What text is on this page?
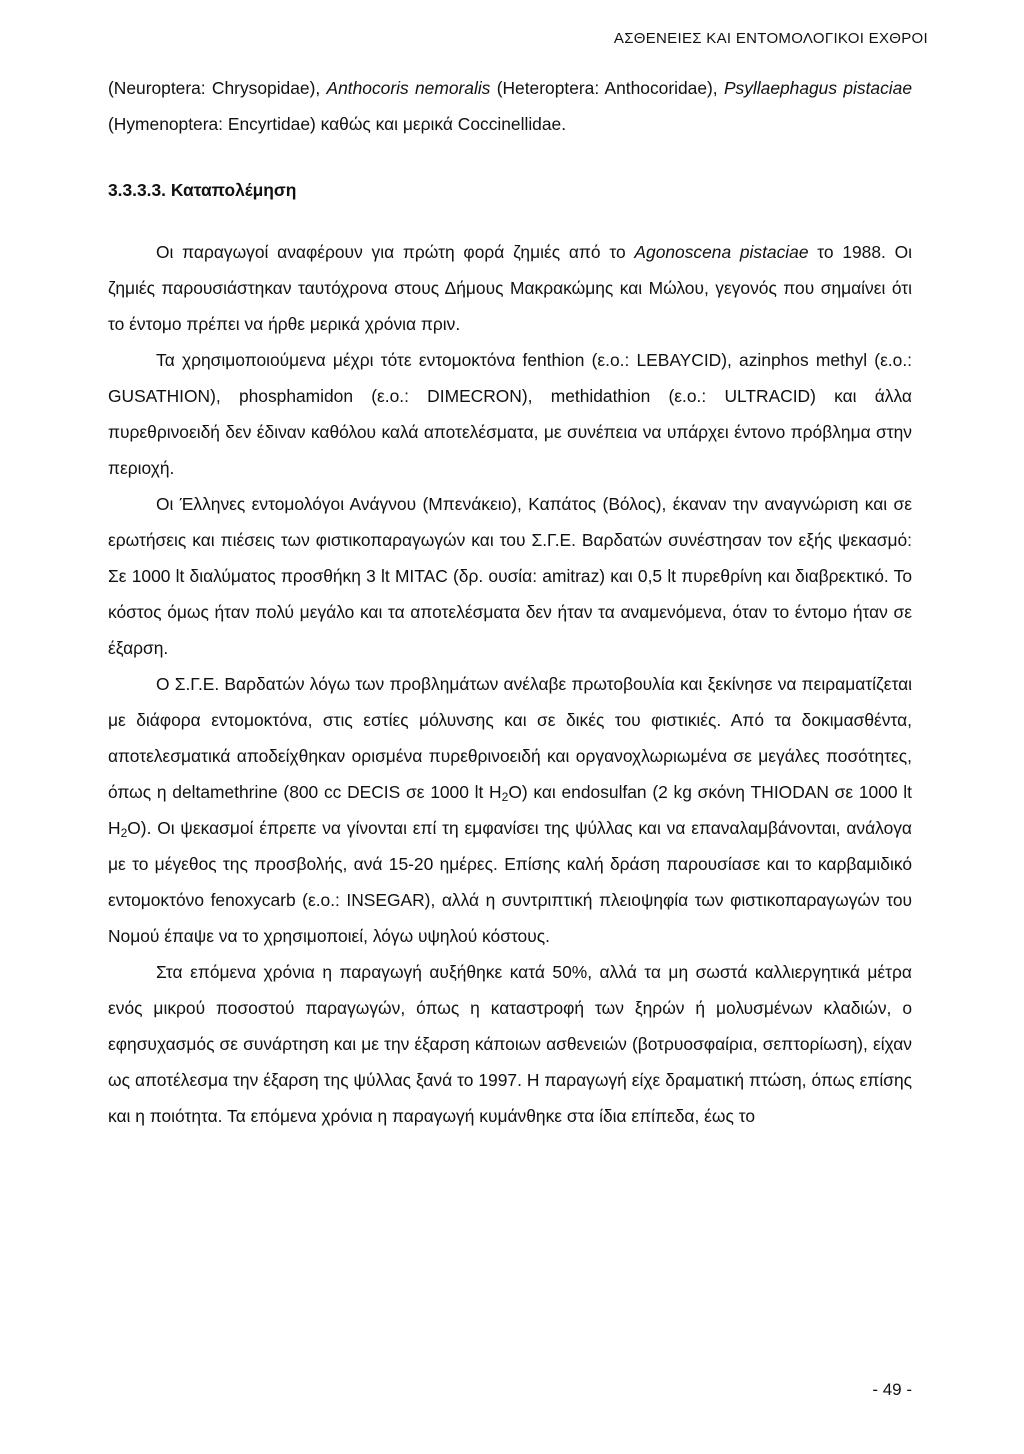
ΑΣΘΕΝΕΙΕΣ ΚΑΙ ΕΝΤΟΜΟΛΟΓΙΚΟΙ ΕΧΘΡΟΙ

(Neuroptera: Chrysopidae), Anthocoris nemoralis (Heteroptera: Anthocoridae), Psyllaephagus pistaciae (Hymenoptera: Encyrtidae) καθώς και μερικά Coccinellidae.

3.3.3.3. Καταπολέμηση

Οι παραγωγοί αναφέρουν για πρώτη φορά ζημιές από το Agonoscena pistaciae το 1988. Οι ζημιές παρουσιάστηκαν ταυτόχρονα στους Δήμους Μακρακώμης και Μώλου, γεγονός που σημαίνει ότι το έντομο πρέπει να ήρθε μερικά χρόνια πριν.

Τα χρησιμοποιούμενα μέχρι τότε εντομοκτόνα fenthion (ε.ο.: LEBAYCID), azinphos methyl (ε.ο.: GUSATHION), phosphamidon (ε.ο.: DIMECRON), methidathion (ε.ο.: ULTRACID) και άλλα πυρεθρινοειδή δεν έδιναν καθόλου καλά αποτελέσματα, με συνέπεια να υπάρχει έντονο πρόβλημα στην περιοχή.

Οι Έλληνες εντομολόγοι Ανάγνου (Μπενάκειο), Καπάτος (Βόλος), έκαναν την αναγνώριση και σε ερωτήσεις και πιέσεις των φιστικοπαραγωγών και του Σ.Γ.Ε. Βαρδατών συνέστησαν τον εξής ψεκασμό: Σε 1000 lt διαλύματος προσθήκη 3 lt MITAC (δρ. ουσία: amitraz) και 0,5 lt πυρεθρίνη και διαβρεκτικό. Το κόστος όμως ήταν πολύ μεγάλο και τα αποτελέσματα δεν ήταν τα αναμενόμενα, όταν το έντομο ήταν σε έξαρση.

Ο Σ.Γ.Ε. Βαρδατών λόγω των προβλημάτων ανέλαβε πρωτοβουλία και ξεκίνησε να πειραματίζεται με διάφορα εντομοκτόνα, στις εστίες μόλυνσης και σε δικές του φιστικιές. Από τα δοκιμασθέντα, αποτελεσματικά αποδείχθηκαν ορισμένα πυρεθρινοειδή και οργανοχλωριωμένα σε μεγάλες ποσότητες, όπως η deltamethrine (800 cc DECIS σε 1000 lt $H_2O$) και endosulfan (2 kg σκόνη THIODAN σε 1000 lt $H_2O$). Οι ψεκασμοί έπρεπε να γίνονται επί τη εμφανίσει της ψύλλας και να επαναλαμβάνονται, ανάλογα με το μέγεθος της προσβολής, ανά 15-20 ημέρες. Επίσης καλή δράση παρουσίασε και το καρβαμιδικό εντομοκτόνο fenoxycarb (ε.ο.: INSEGAR), αλλά η συντριπτική πλειοψηφία των φιστικοπαραγωγών του Νομού έπαψε να το χρησιμοποιεί, λόγω υψηλού κόστους.

Στα επόμενα χρόνια η παραγωγή αυξήθηκε κατά 50%, αλλά τα μη σωστά καλλιεργητικά μέτρα ενός μικρού ποσοστού παραγωγών, όπως η καταστροφή των ξηρών ή μολυσμένων κλαδιών, ο εφησυχασμός σε συνάρτηση και με την έξαρση κάποιων ασθενειών (βοτρυοσφαίρια, σεπτορίωση), είχαν ως αποτέλεσμα την έξαρση της ψύλλας ξανά το 1997. Η παραγωγή είχε δραματική πτώση, όπως επίσης και η ποιότητα. Τα επόμενα χρόνια η παραγωγή κυμάνθηκε στα ίδια επίπεδα, έως το

- 49 -
